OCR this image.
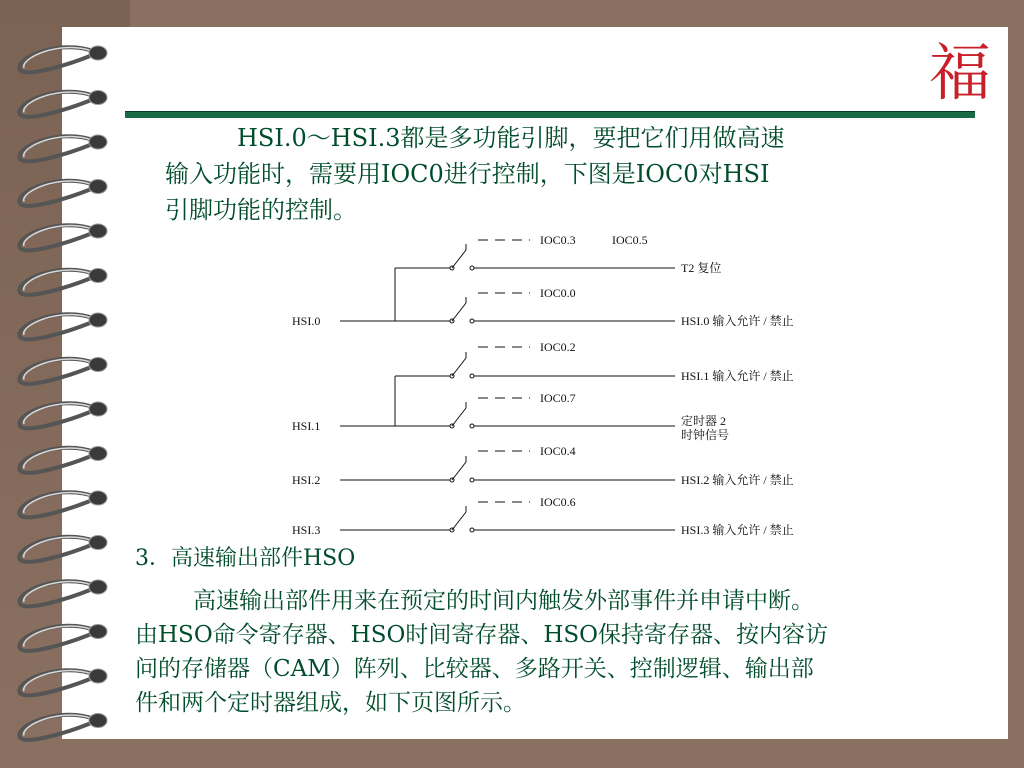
福
HSI.0～HSI.3都是多功能引脚，要把它们用做高速
输入功能时，需要用IOC0进行控制，下图是IOC0对HSI
引脚功能的控制。
HSI.0
HSI.1
HSI.2
HSI.3
IOC0.3	IOC0.5
IOC0.0
IOC0.2
IOC0.7
IOC0.4
IOC0.6
T2 复位
HSI.0 输入允许 / 禁止
HSI.1 输入允许 / 禁止
定时器 2
时钟信号
HSI.2 输入允许 / 禁止
HSI.3 输入允许 / 禁止
3．高速输出部件HSO
高速输出部件用来在预定的时间内触发外部事件并申请中断。
由HSO命令寄存器、HSO时间寄存器、HSO保持寄存器、按内容访
问的存储器（CAM）阵列、比较器、多路开关、控制逻辑、输出部
件和两个定时器组成，如下页图所示。
